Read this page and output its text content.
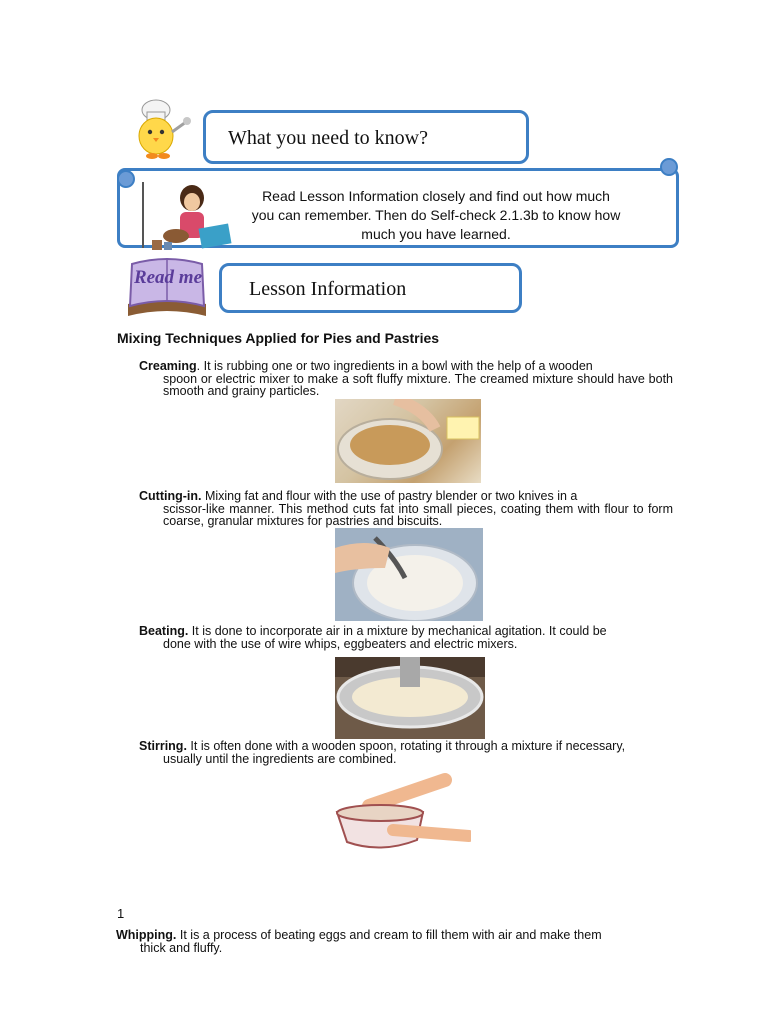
What you need to know?
Read Lesson Information closely and find out how much
you can remember. Then do Self-check 2.1.3b to know how
much you have learned.
Read me
Lesson Information
Mixing Techniques Applied for Pies and Pastries
Creaming. It is rubbing one or two ingredients in a bowl with the help of a wooden
spoon or electric mixer to make a soft fluffy mixture. The creamed mixture should have both smooth and grainy particles.
Cutting-in. Mixing fat and flour with the use of pastry blender or two knives in a
scissor-like manner. This method cuts fat into small pieces, coating them with flour to form coarse, granular mixtures for pastries and biscuits.
Beating. It is done to incorporate air in a mixture by mechanical agitation. It could be
done with the use of wire whips, eggbeaters and electric mixers.
Stirring. It is often done with a wooden spoon, rotating it through a mixture if necessary,
usually until the ingredients are combined.
1
Whipping. It is a process of beating eggs and cream to fill them with air and make them
thick and fluffy.
